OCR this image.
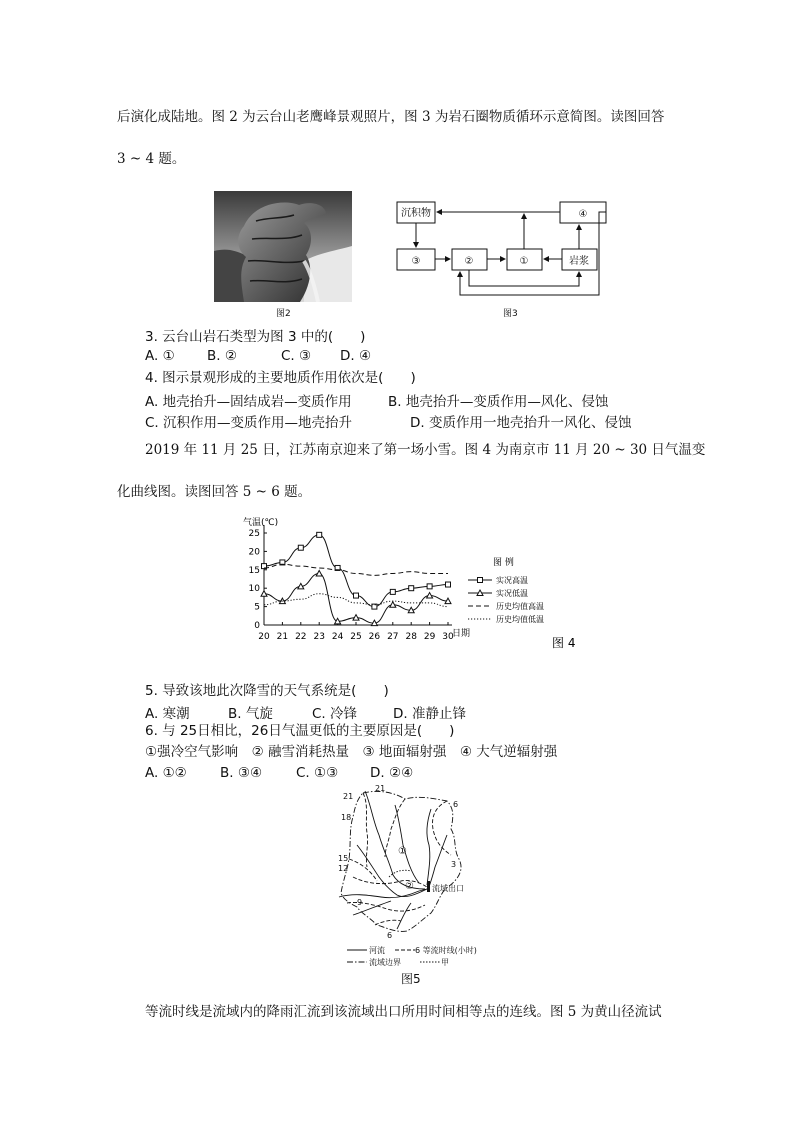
后演化成陆地。图 2 为云台山老鹰峰景观照片，图 3 为岩石圈物质循环示意简图。读图回答
3 ~ 4 题。
图2
沉积物	④
③	②	①	岩浆
图3
3. 云台山岩石类型为图 3 中的(　　)
A. ① B. ②	C. ③ D. ④
4. 图示景观形成的主要地质作用依次是(　　)
A. 地壳抬升—固结成岩—变质作用	B. 地壳抬升—变质作用—风化、侵蚀
C. 沉积作用—变质作用—地壳抬升	D. 变质作用一地壳抬升一风化、侵蚀
2019 年 11 月 25 日，江苏南京迎来了第一场小雪。图 4 为南京市 11 月 20 ~ 30 日气温变
化曲线图。读图回答 5 ~ 6 题。
气温(℃)
日期
图 4
图 例
25
20
15
10
5
0
20 21 22 23 24 25 26 27 28 29 30
实况高温
实况低温
历史均值高温
历史均值低温
5. 导致该地此次降雪的天气系统是(　　)
A. 寒潮	B. 气旋	C. 冷锋	D. 准静止锋
6. 与 25日相比，26日气温更低的主要原因是(　　)
①强冷空气影响　② 融雪消耗热量　③ 地面辐射强　④ 大气逆辐射强
A. ①② B. ③④	C. ①③ D. ②④
21
21
18
15
12
9
6
6
3
①
② 流域出口
河流	6 等流时线(小时)
流域边界	甲
图5
等流时线是流域内的降雨汇流到该流域出口所用时间相等点的连线。图 5 为黄山径流试
